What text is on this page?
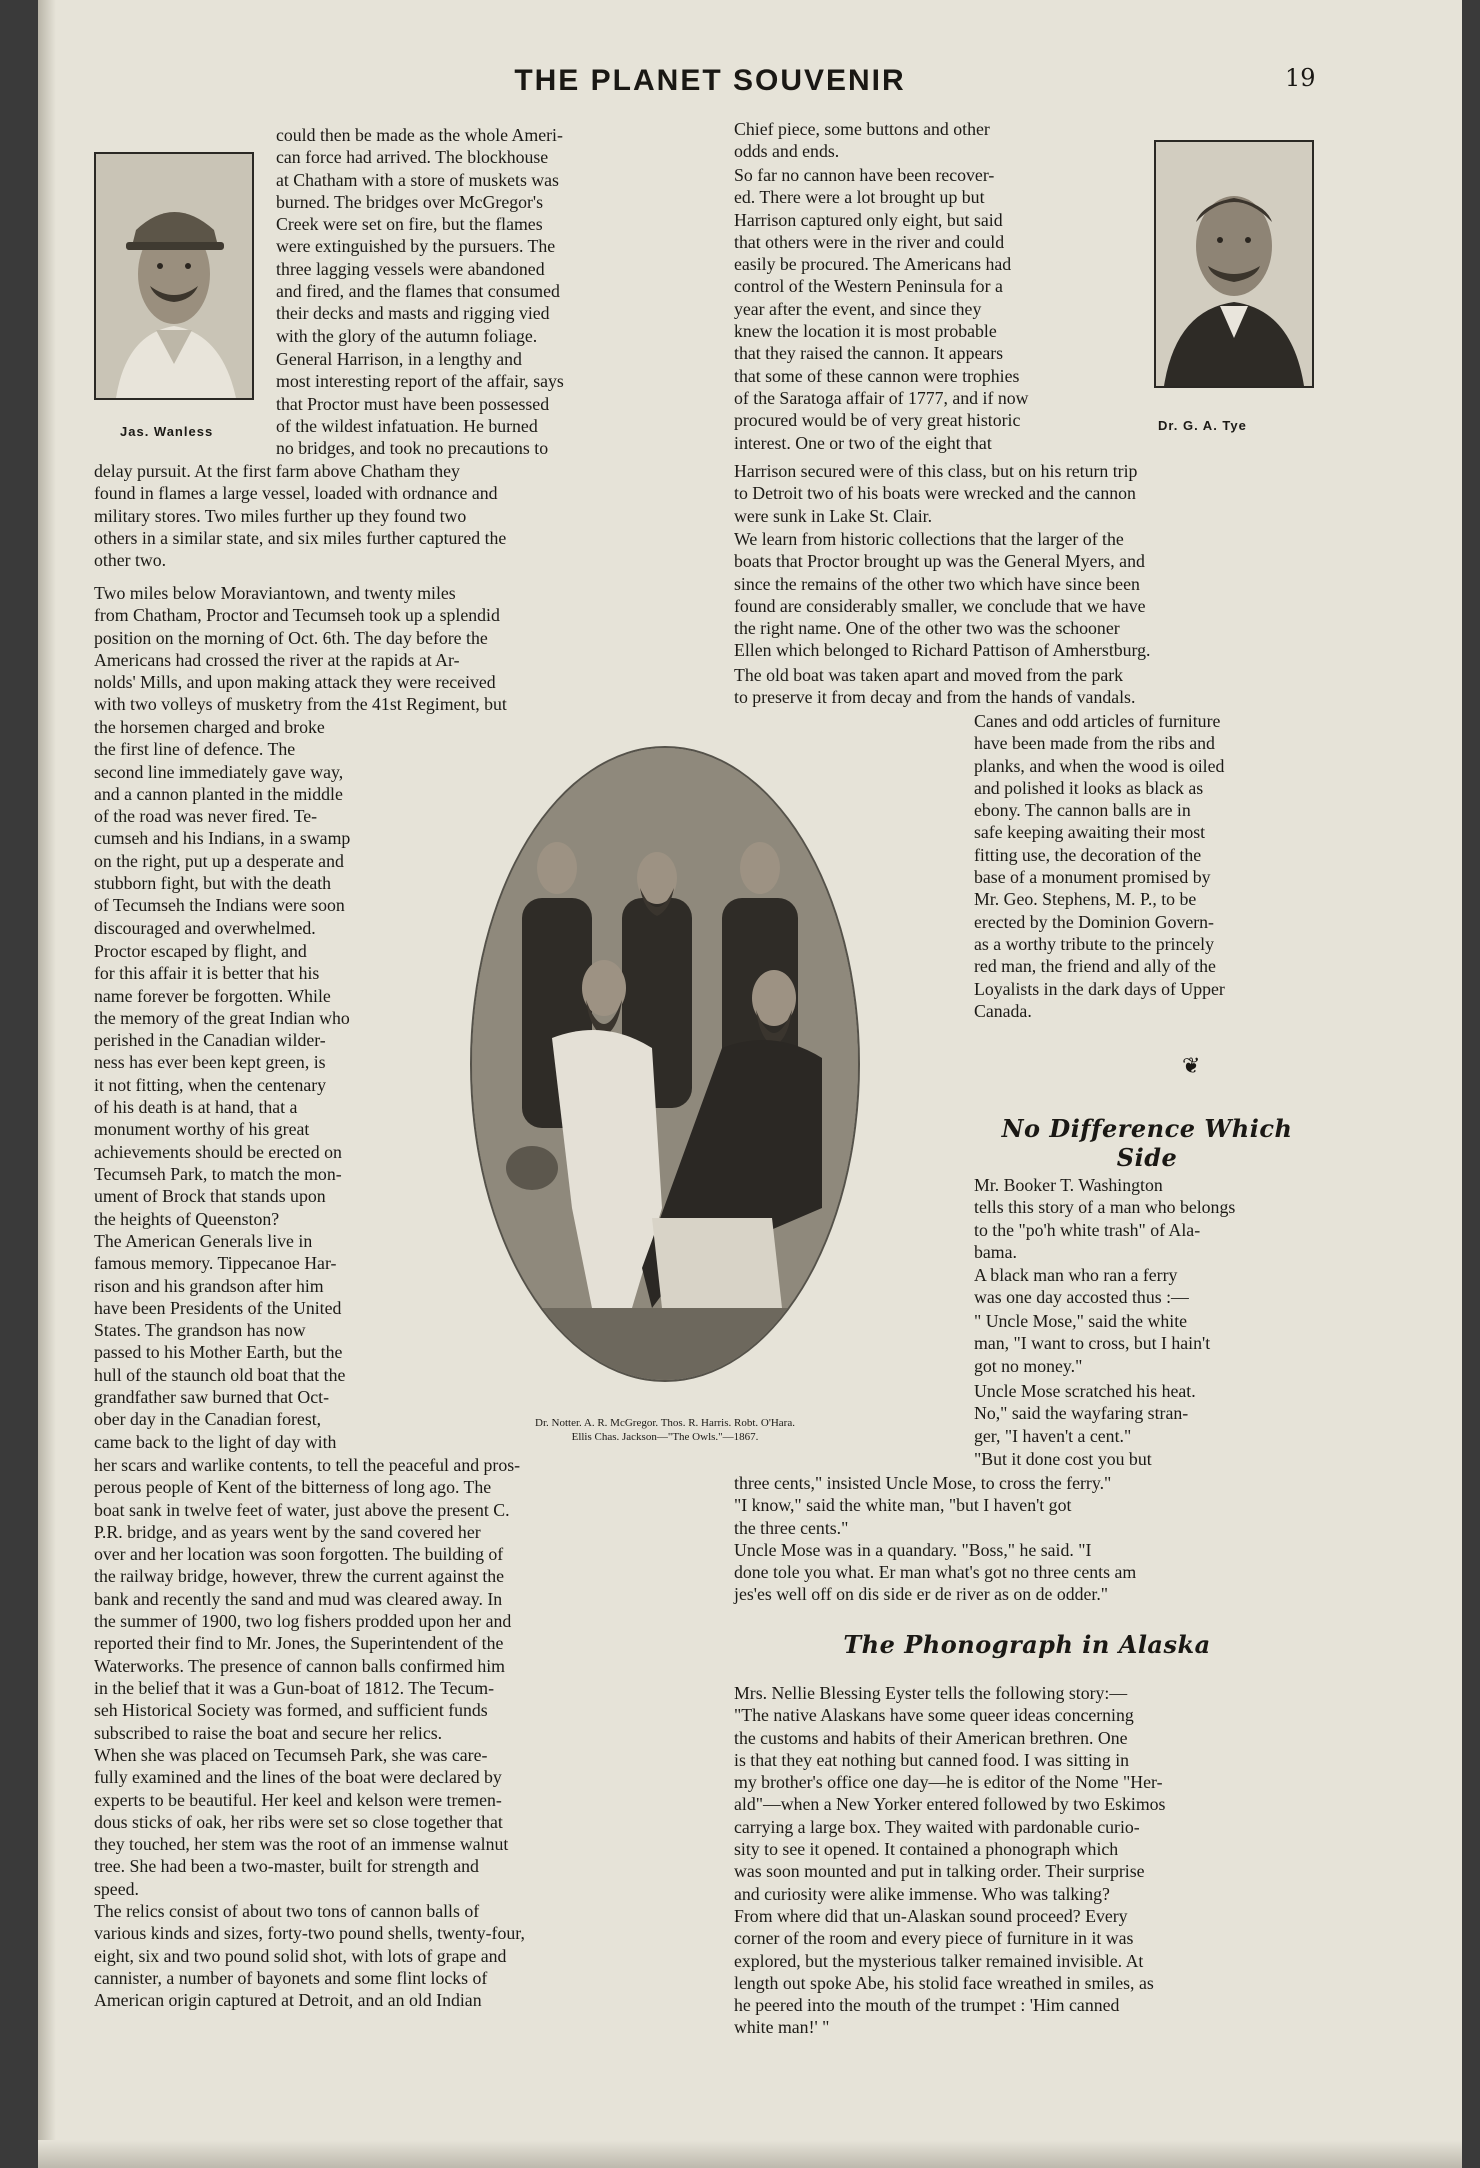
THE PLANET SOUVENIR	19
Jas. Wanless	Dr. G. A. Tye
could then be made as the whole Ameri-
can force had arrived. The blockhouse
at Chatham with a store of muskets was
burned. The bridges over McGregor's
Creek were set on fire, but the flames
were extinguished by the pursuers. The
three lagging vessels were abandoned
and fired, and the flames that consumed
their decks and masts and rigging vied
with the glory of the autumn foliage.
General Harrison, in a lengthy and
most interesting report of the affair, says
that Proctor must have been possessed
of the wildest infatuation. He burned
no bridges, and took no precautions to
delay pursuit. At the first farm above Chatham they
found in flames a large vessel, loaded with ordnance and
military stores. Two miles further up they found two
others in a similar state, and six miles further captured the
other two.
Two miles below Moraviantown, and twenty miles
from Chatham, Proctor and Tecumseh took up a splendid
position on the morning of Oct. 6th. The day before the
Americans had crossed the river at the rapids at Ar-
nolds' Mills, and upon making attack they were received
with two volleys of musketry from the 41st Regiment, but
the horsemen charged and broke
the first line of defence. The
second line immediately gave way,
and a cannon planted in the middle
of the road was never fired. Te-
cumseh and his Indians, in a swamp
on the right, put up a desperate and
stubborn fight, but with the death
of Tecumseh the Indians were soon
discouraged and overwhelmed.
Proctor escaped by flight, and
for this affair it is better that his
name forever be forgotten. While
the memory of the great Indian who
perished in the Canadian wilder-
ness has ever been kept green, is
it not fitting, when the centenary
of his death is at hand, that a
monument worthy of his great
achievements should be erected on
Tecumseh Park, to match the mon-
ument of Brock that stands upon
the heights of Queenston?
The American Generals live in
famous memory. Tippecanoe Har-
rison and his grandson after him
have been Presidents of the United
States. The grandson has now
passed to his Mother Earth, but the
hull of the staunch old boat that the
grandfather saw burned that Oct-
ober day in the Canadian forest,
came back to the light of day with
her scars and warlike contents, to tell the peaceful and pros-
perous people of Kent of the bitterness of long ago. The
boat sank in twelve feet of water, just above the present C.
P.R. bridge, and as years went by the sand covered her
over and her location was soon forgotten. The building of
the railway bridge, however, threw the current against the
bank and recently the sand and mud was cleared away. In
the summer of 1900, two log fishers prodded upon her and
reported their find to Mr. Jones, the Superintendent of the
Waterworks. The presence of cannon balls confirmed him
in the belief that it was a Gun-boat of 1812. The Tecum-
seh Historical Society was formed, and sufficient funds
subscribed to raise the boat and secure her relics.
When she was placed on Tecumseh Park, she was care-
fully examined and the lines of the boat were declared by
experts to be beautiful. Her keel and kelson were tremen-
dous sticks of oak, her ribs were set so close together that
they touched, her stem was the root of an immense walnut
tree. She had been a two-master, built for strength and
speed.
The relics consist of about two tons of cannon balls of
various kinds and sizes, forty-two pound shells, twenty-four,
eight, six and two pound solid shot, with lots of grape and
cannister, a number of bayonets and some flint locks of
American origin captured at Detroit, and an old Indian
Chief piece, some buttons and other
odds and ends.
So far no cannon have been recover-
ed. There were a lot brought up but
Harrison captured only eight, but said
that others were in the river and could
easily be procured. The Americans had
control of the Western Peninsula for a
year after the event, and since they
knew the location it is most probable
that they raised the cannon. It appears
that some of these cannon were trophies
of the Saratoga affair of 1777, and if now
procured would be of very great historic
interest. One or two of the eight that
Harrison secured were of this class, but on his return trip
to Detroit two of his boats were wrecked and the cannon
were sunk in Lake St. Clair.
We learn from historic collections that the larger of the
boats that Proctor brought up was the General Myers, and
since the remains of the other two which have since been
found are considerably smaller, we conclude that we have
the right name. One of the other two was the schooner
Ellen which belonged to Richard Pattison of Amherstburg.
The old boat was taken apart and moved from the park
to preserve it from decay and from the hands of vandals.
Canes and odd articles of furniture
have been made from the ribs and
planks, and when the wood is oiled
and polished it looks as black as
ebony. The cannon balls are in
safe keeping awaiting their most
fitting use, the decoration of the
base of a monument promised by
Mr. Geo. Stephens, M. P., to be
erected by the Dominion Govern-
as a worthy tribute to the princely
red man, the friend and ally of the
Loyalists in the dark days of Upper
Canada.
Dr. Notter. A. R. McGregor. Thos. R. Harris. Robt. O'Hara.
Ellis Chas. Jackson—"The Owls."—1867.
❦
No Difference Which Side
Mr. Booker T. Washington
tells this story of a man who belongs
to the "po'h white trash" of Ala-
bama.
A black man who ran a ferry
was one day accosted thus :—
" Uncle Mose," said the white
man, "I want to cross, but I hain't
got no money."
Uncle Mose scratched his heat.
No," said the wayfaring stran-
ger, "I haven't a cent."
"But it done cost you but
three cents," insisted Uncle Mose, to cross the ferry."
"I know," said the white man, "but I haven't got
the three cents."
Uncle Mose was in a quandary. "Boss," he said. "I
done tole you what. Er man what's got no three cents am
jes'es well off on dis side er de river as on de odder."
The Phonograph in Alaska
Mrs. Nellie Blessing Eyster tells the following story:—
"The native Alaskans have some queer ideas concerning
the customs and habits of their American brethren. One
is that they eat nothing but canned food. I was sitting in
my brother's office one day—he is editor of the Nome "Her-
ald"—when a New Yorker entered followed by two Eskimos
carrying a large box. They waited with pardonable curio-
sity to see it opened. It contained a phonograph which
was soon mounted and put in talking order. Their surprise
and curiosity were alike immense. Who was talking?
From where did that un-Alaskan sound proceed? Every
corner of the room and every piece of furniture in it was
explored, but the mysterious talker remained invisible. At
length out spoke Abe, his stolid face wreathed in smiles, as
he peered into the mouth of the trumpet : 'Him canned
white man!' "
